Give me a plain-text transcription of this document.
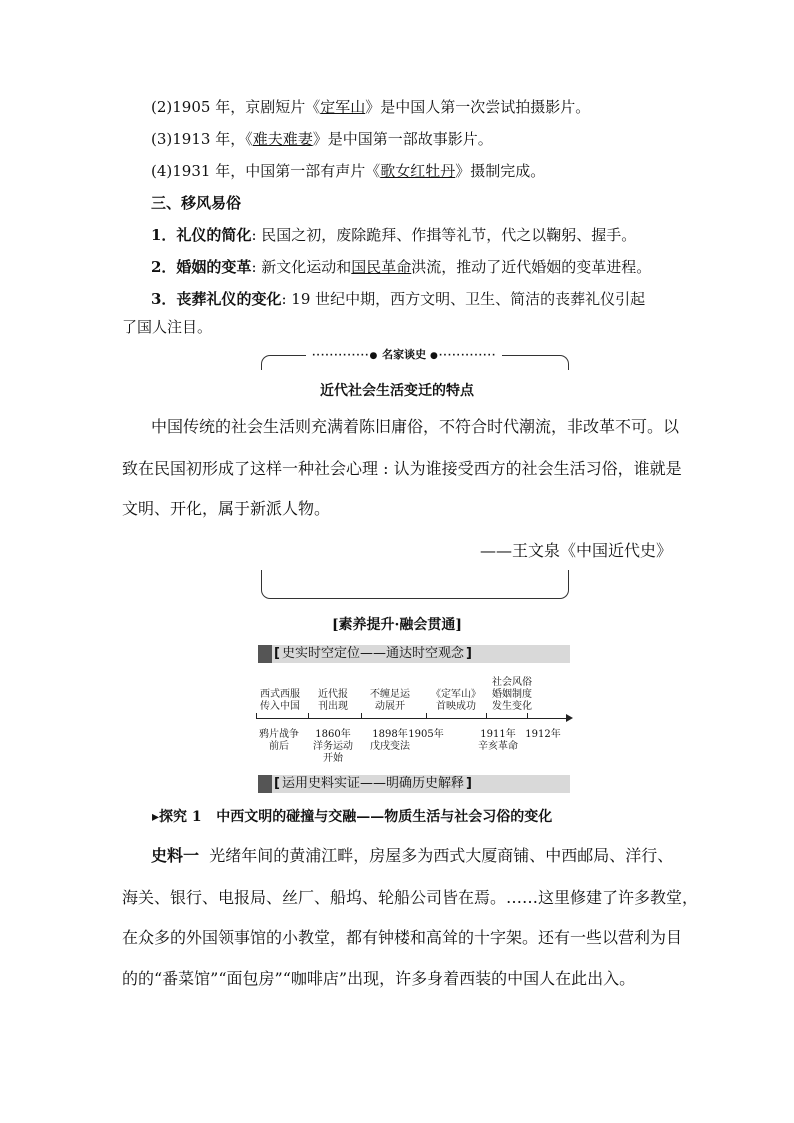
(2)1905 年，京剧短片《定军山》是中国人第一次尝试拍摄影片。
(3)1913 年，《难夫难妻》是中国第一部故事影片。
(4)1931 年，中国第一部有声片《歌女红牡丹》摄制完成。
三、移风易俗
1．礼仪的简化: 民国之初，废除跪拜、作揖等礼节，代之以鞠躬、握手。
2．婚姻的变革: 新文化运动和国民革命洪流，推动了近代婚姻的变革进程。
3．丧葬礼仪的变化: 19 世纪中期，西方文明、卫生、简洁的丧葬礼仪引起
了国人注目。
·············● 名家谈史 ●·············
近代社会生活变迁的特点
中国传统的社会生活则充满着陈旧庸俗，不符合时代潮流，非改革不可。以
致在民国初形成了这样一种社会心理 : 认为谁接受西方的社会生活习俗，谁就是
文明、开化，属于新派人物。
——王文泉《中国近代史》
[素养提升·融会贯通]
[ 史实时空定位——通达时空观念 ]
西式西服
传入中国
近代报
刊出现
不缠足运
动展开
《定军山》
首映成功
社会风俗
婚姻制度
发生变化
鸦片战争
前后
1860年
洋务运动
开始
1898年
戊戌变法
1905年	1911年
辛亥革命
1912年
[ 运用史料实证——明确历史解释 ]
▸探究 1 中西文明的碰撞与交融——物质生活与社会习俗的变化
史料一 光绪年间的黄浦江畔，房屋多为西式大厦商铺、中西邮局、洋行、
海关、银行、电报局、丝厂、船坞、轮船公司皆在焉。……这里修建了许多教堂，
在众多的外国领事馆的小教堂，都有钟楼和高耸的十字架。还有一些以营利为目
的的“番菜馆”“面包房”“咖啡店”出现，许多身着西装的中国人在此出入。
